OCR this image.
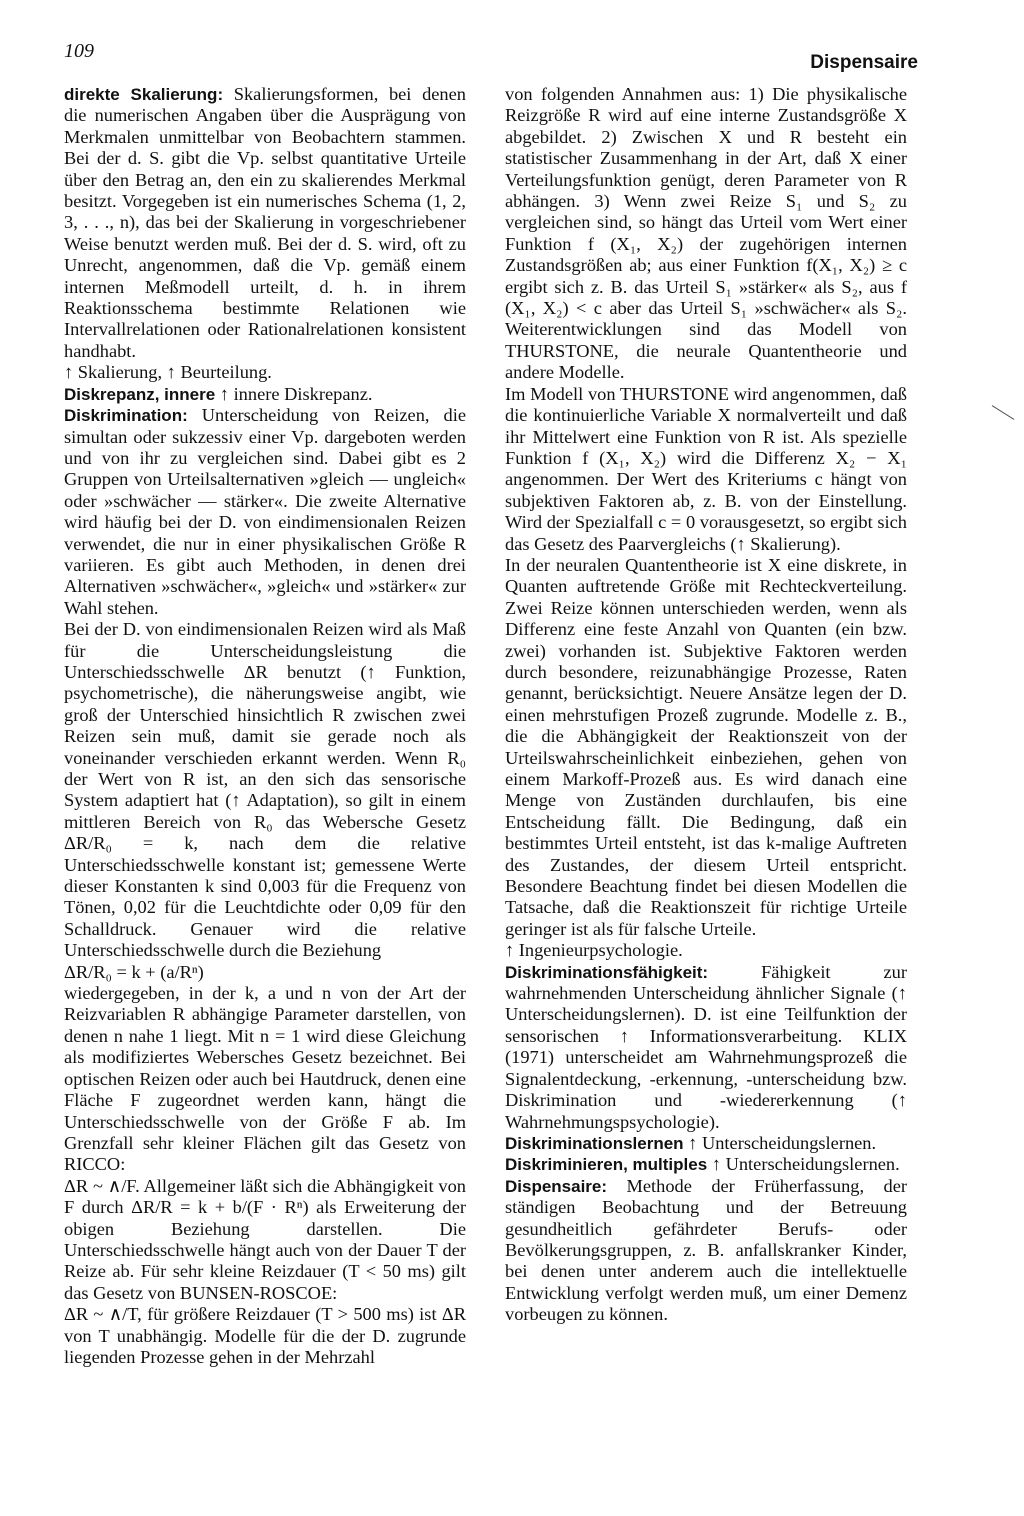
109
Dispensaire

direkte Skalierung: Skalierungsformen, bei denen die numerischen Angaben über die Ausprägung von Merkmalen unmittelbar von Beobachtern stammen. Bei der d. S. gibt die Vp. selbst quantitative Urteile über den Betrag an, den ein zu skalierendes Merkmal besitzt. Vorgegeben ist ein numerisches Schema (1, 2, 3, . . ., n), das bei der Skalierung in vorgeschriebener Weise benutzt werden muß. Bei der d. S. wird, oft zu Unrecht, angenommen, daß die Vp. gemäß einem internen Meßmodell urteilt, d. h. in ihrem Reaktionsschema bestimmte Relationen wie Intervallrelationen oder Rationalrelationen konsistent handhabt.

↑ Skalierung, ↑ Beurteilung.

Diskrepanz, innere ↑ innere Diskrepanz.

Diskrimination: Unterscheidung von Reizen, die simultan oder sukzessiv einer Vp. dargeboten werden und von ihr zu vergleichen sind. Dabei gibt es 2 Gruppen von Urteilsalternativen »gleich — ungleich« oder »schwächer — stärker«. Die zweite Alternative wird häufig bei der D. von eindimensionalen Reizen verwendet, die nur in einer physikalischen Größe R variieren. Es gibt auch Methoden, in denen drei Alternativen »schwächer«, »gleich« und »stärker« zur Wahl stehen.

Bei der D. von eindimensionalen Reizen wird als Maß für die Unterscheidungsleistung die Unterschiedsschwelle ΔR benutzt (↑ Funktion, psychometrische), die näherungsweise angibt, wie groß der Unterschied hinsichtlich R zwischen zwei Reizen sein muß, damit sie gerade noch als voneinander verschieden erkannt werden. Wenn R₀ der Wert von R ist, an den sich das sensorische System adaptiert hat (↑ Adaptation), so gilt in einem mittleren Bereich von R₀ das Webersche Gesetz ΔR/R₀ = k, nach dem die relative Unterschiedsschwelle konstant ist; gemessene Werte dieser Konstanten k sind 0,003 für die Frequenz von Tönen, 0,02 für die Leuchtdichte oder 0,09 für den Schalldruck. Genauer wird die relative Unterschiedsschwelle durch die Beziehung

ΔR/R₀ = k + (a/Rⁿ)

wiedergegeben, in der k, a und n von der Art der Reizvariablen R abhängige Parameter darstellen, von denen n nahe 1 liegt. Mit n = 1 wird diese Gleichung als modifiziertes Webersches Gesetz bezeichnet. Bei optischen Reizen oder auch bei Hautdruck, denen eine Fläche F zugeordnet werden kann, hängt die Unterschiedsschwelle von der Größe F ab. Im Grenzfall sehr kleiner Flächen gilt das Gesetz von RICCO:

ΔR ~ ∧/F. Allgemeiner läßt sich die Abhängigkeit von F durch ΔR/R = k + b/(F · Rⁿ) als Erweiterung der obigen Beziehung darstellen. Die Unterschiedsschwelle hängt auch von der Dauer T der Reize ab. Für sehr kleine Reizdauer (T < 50 ms) gilt das Gesetz von BUNSEN-ROSCOE:

ΔR ~ ∧/T, für größere Reizdauer (T > 500 ms) ist ΔR von T unabhängig. Modelle für die der D. zugrunde liegenden Prozesse gehen in der Mehrzahl

von folgenden Annahmen aus: 1) Die physikalische Reizgröße R wird auf eine interne Zustandsgröße X abgebildet. 2) Zwischen X und R besteht ein statistischer Zusammenhang in der Art, daß X einer Verteilungsfunktion genügt, deren Parameter von R abhängen. 3) Wenn zwei Reize S₁ und S₂ zu vergleichen sind, so hängt das Urteil vom Wert einer Funktion f (X₁, X₂) der zugehörigen internen Zustandsgrößen ab; aus einer Funktion f(X₁, X₂) ≥ c ergibt sich z. B. das Urteil S₁ »stärker« als S₂, aus f (X₁, X₂) < c aber das Urteil S₁ »schwächer« als S₂. Weiterentwicklungen sind das Modell von THURSTONE, die neurale Quantentheorie und andere Modelle.

Im Modell von THURSTONE wird angenommen, daß die kontinuierliche Variable X normalverteilt und daß ihr Mittelwert eine Funktion von R ist. Als spezielle Funktion f (X₁, X₂) wird die Differenz X₂ − X₁ angenommen. Der Wert des Kriteriums c hängt von subjektiven Faktoren ab, z. B. von der Einstellung. Wird der Spezialfall c = 0 vorausgesetzt, so ergibt sich das Gesetz des Paarvergleichs (↑ Skalierung).

In der neuralen Quantentheorie ist X eine diskrete, in Quanten auftretende Größe mit Rechteckverteilung. Zwei Reize können unterschieden werden, wenn als Differenz eine feste Anzahl von Quanten (ein bzw. zwei) vorhanden ist. Subjektive Faktoren werden durch besondere, reizunabhängige Prozesse, Raten genannt, berücksichtigt. Neuere Ansätze legen der D. einen mehrstufigen Prozeß zugrunde. Modelle z. B., die die Abhängigkeit der Reaktionszeit von der Urteilswahrscheinlichkeit einbeziehen, gehen von einem Markoff-Prozeß aus. Es wird danach eine Menge von Zuständen durchlaufen, bis eine Entscheidung fällt. Die Bedingung, daß ein bestimmtes Urteil entsteht, ist das k-malige Auftreten des Zustandes, der diesem Urteil entspricht. Besondere Beachtung findet bei diesen Modellen die Tatsache, daß die Reaktionszeit für richtige Urteile geringer ist als für falsche Urteile.

↑ Ingenieurpsychologie.

Diskriminationsfähigkeit: Fähigkeit zur wahrnehmenden Unterscheidung ähnlicher Signale (↑ Unterscheidungslernen). D. ist eine Teilfunktion der sensorischen ↑ Informationsverarbeitung. KLIX (1971) unterscheidet am Wahrnehmungsprozeß die Signalentdeckung, -erkennung, -unterscheidung bzw. Diskrimination und -wiedererkennung (↑ Wahrnehmungspsychologie).

Diskriminationslernen ↑ Unterscheidungslernen.

Diskriminieren, multiples ↑ Unterscheidungslernen.

Dispensaire: Methode der Früherfassung, der ständigen Beobachtung und der Betreuung gesundheitlich gefährdeter Berufs- oder Bevölkerungsgruppen, z. B. anfallskranker Kinder, bei denen unter anderem auch die intellektuelle Entwicklung verfolgt werden muß, um einer Demenz vorbeugen zu können.
